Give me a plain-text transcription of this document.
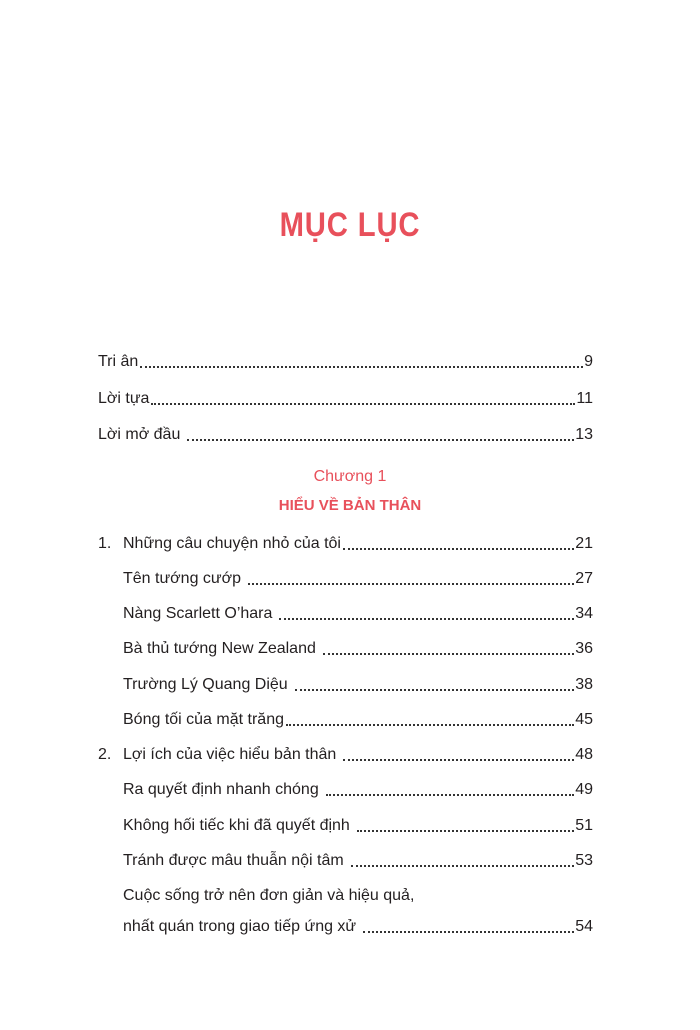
MỤC LỤC
Tri ân	9
Lời tựa	11
Lời mở đầu	13
Chương 1
HIỂU VỀ BẢN THÂN
1. Những câu chuyện nhỏ của tôi	21
Tên tướng cướp	27
Nàng Scarlett O’hara	34
Bà thủ tướng New Zealand	36
Trường Lý Quang Diệu	38
Bóng tối của mặt trăng	45
2. Lợi ích của việc hiểu bản thân	48
Ra quyết định nhanh chóng	49
Không hối tiếc khi đã quyết định	51
Tránh được mâu thuẫn nội tâm	53
Cuộc sống trở nên đơn giản và hiệu quả,
nhất quán trong giao tiếp ứng xử	54
